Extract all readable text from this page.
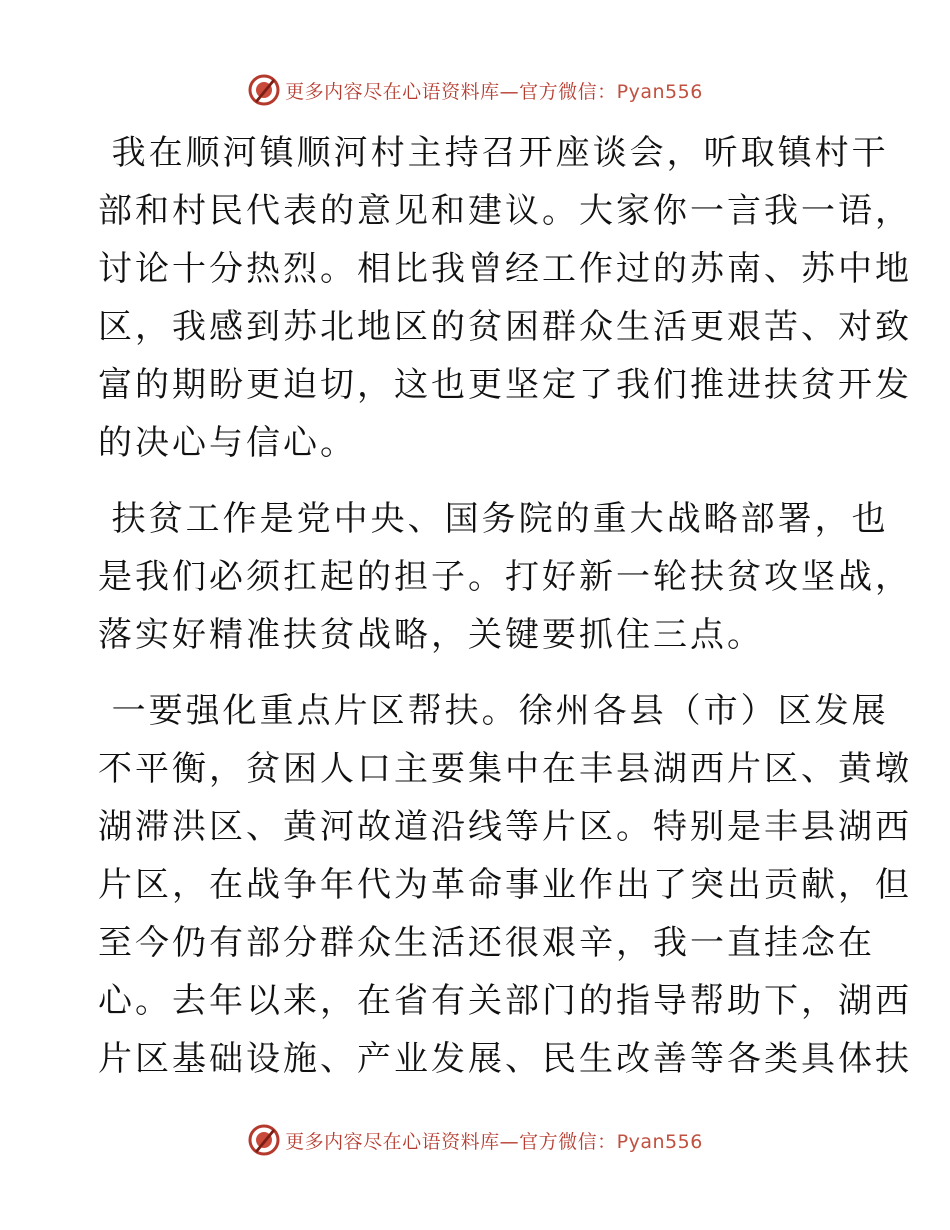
更多内容尽在心语资料库—官方微信：Pyan556

我在顺河镇顺河村主持召开座谈会，听取镇村干
部和村民代表的意见和建议。大家你一言我一语，
讨论十分热烈。相比我曾经工作过的苏南、苏中地
区，我感到苏北地区的贫困群众生活更艰苦、对致
富的期盼更迫切，这也更坚定了我们推进扶贫开发
的决心与信心。

扶贫工作是党中央、国务院的重大战略部署，也
是我们必须扛起的担子。打好新一轮扶贫攻坚战，
落实好精准扶贫战略，关键要抓住三点。

一要强化重点片区帮扶。徐州各县（市）区发展
不平衡，贫困人口主要集中在丰县湖西片区、黄墩
湖滞洪区、黄河故道沿线等片区。特别是丰县湖西
片区，在战争年代为革命事业作出了突出贡献，但
至今仍有部分群众生活还很艰辛，我一直挂念在
心。去年以来，在省有关部门的指导帮助下，湖西
片区基础设施、产业发展、民生改善等各类具体扶

更多内容尽在心语资料库—官方微信：Pyan556
